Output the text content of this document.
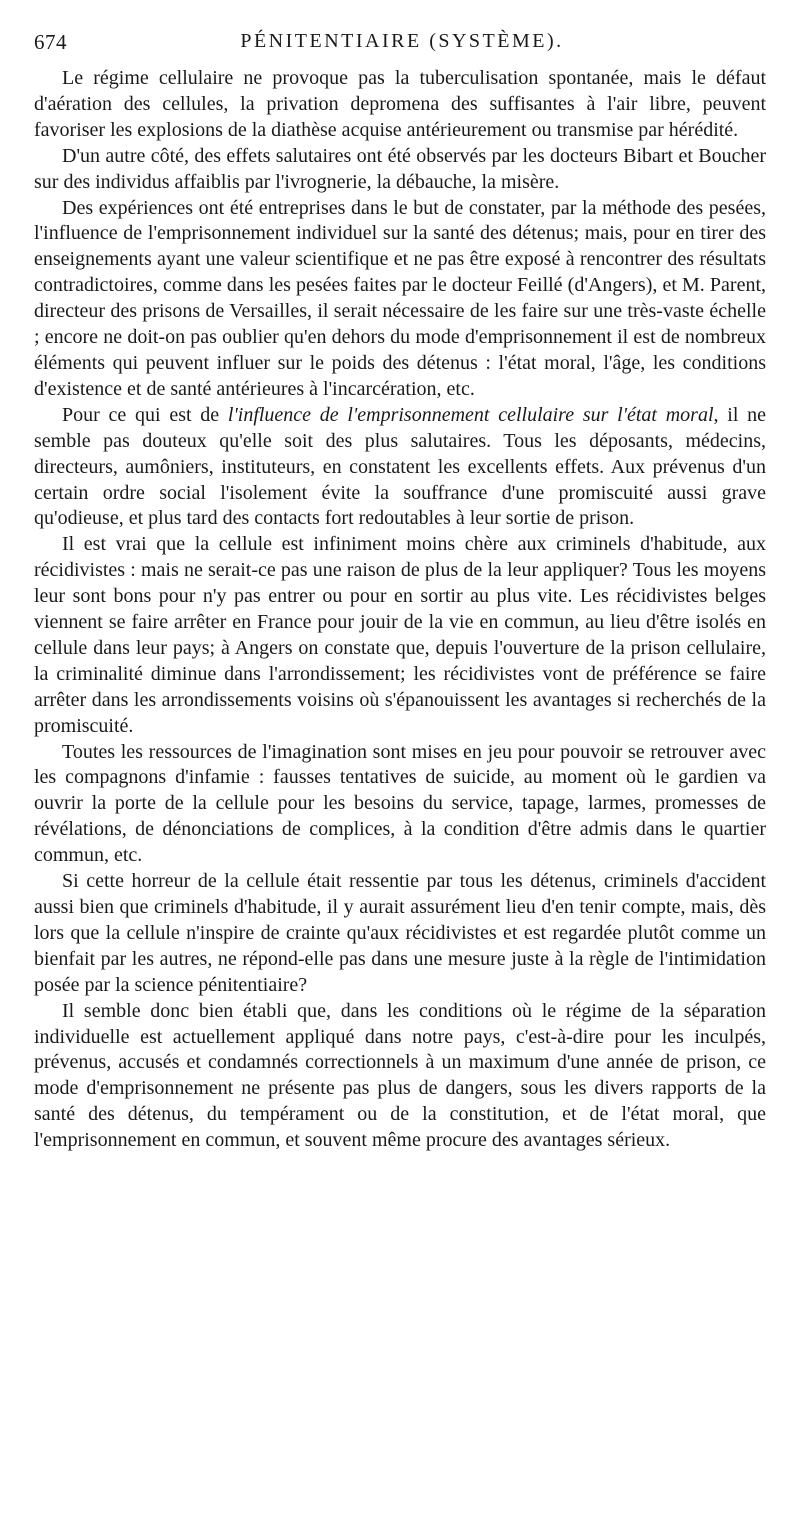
674	PÉNITENTIAIRE (SYSTÈME).

Le régime cellulaire ne provoque pas la tuberculisation spontanée, mais le défaut d'aération des cellules, la privation depromena des suffisantes à l'air libre, peuvent favoriser les explosions de la diathèse acquise antérieurement ou transmise par hérédité.

D'un autre côté, des effets salutaires ont été observés par les docteurs Bibart et Boucher sur des individus affaiblis par l'ivrognerie, la débauche, la misère.

Des expériences ont été entreprises dans le but de constater, par la méthode des pesées, l'influence de l'emprisonnement individuel sur la santé des détenus; mais, pour en tirer des enseignements ayant une valeur scientifique et ne pas être exposé à rencontrer des résultats contradictoires, comme dans les pesées faites par le docteur Feillé (d'Angers), et M. Parent, directeur des prisons de Versailles, il serait nécessaire de les faire sur une très-vaste échelle ; encore ne doit-on pas oublier qu'en dehors du mode d'emprisonnement il est de nombreux éléments qui peuvent influer sur le poids des détenus : l'état moral, l'âge, les conditions d'existence et de santé antérieures à l'incarcération, etc.

Pour ce qui est de l'influence de l'emprisonnement cellulaire sur l'état moral, il ne semble pas douteux qu'elle soit des plus salutaires. Tous les déposants, médecins, directeurs, aumôniers, instituteurs, en constatent les excellents effets. Aux prévenus d'un certain ordre social l'isolement évite la souffrance d'une promiscuité aussi grave qu'odieuse, et plus tard des contacts fort redoutables à leur sortie de prison.

Il est vrai que la cellule est infiniment moins chère aux criminels d'habitude, aux récidivistes : mais ne serait-ce pas une raison de plus de la leur appliquer? Tous les moyens leur sont bons pour n'y pas entrer ou pour en sortir au plus vite. Les récidivistes belges viennent se faire arrêter en France pour jouir de la vie en commun, au lieu d'être isolés en cellule dans leur pays; à Angers on constate que, depuis l'ouverture de la prison cellulaire, la criminalité diminue dans l'arrondissement; les récidivistes vont de préférence se faire arrêter dans les arrondissements voisins où s'épanouissent les avantages si recherchés de la promiscuité.

Toutes les ressources de l'imagination sont mises en jeu pour pouvoir se retrouver avec les compagnons d'infamie : fausses tentatives de suicide, au moment où le gardien va ouvrir la porte de la cellule pour les besoins du service, tapage, larmes, promesses de révélations, de dénonciations de complices, à la condition d'être admis dans le quartier commun, etc.

Si cette horreur de la cellule était ressentie par tous les détenus, criminels d'accident aussi bien que criminels d'habitude, il y aurait assurément lieu d'en tenir compte, mais, dès lors que la cellule n'inspire de crainte qu'aux récidivistes et est regardée plutôt comme un bienfait par les autres, ne répond-elle pas dans une mesure juste à la règle de l'intimidation posée par la science pénitentiaire?

Il semble donc bien établi que, dans les conditions où le régime de la séparation individuelle est actuellement appliqué dans notre pays, c'est-à-dire pour les inculpés, prévenus, accusés et condamnés correctionnels à un maximum d'une année de prison, ce mode d'emprisonnement ne présente pas plus de dangers, sous les divers rapports de la santé des détenus, du tempérament ou de la constitution, et de l'état moral, que l'emprisonnement en commun, et souvent même procure des avantages sérieux.
